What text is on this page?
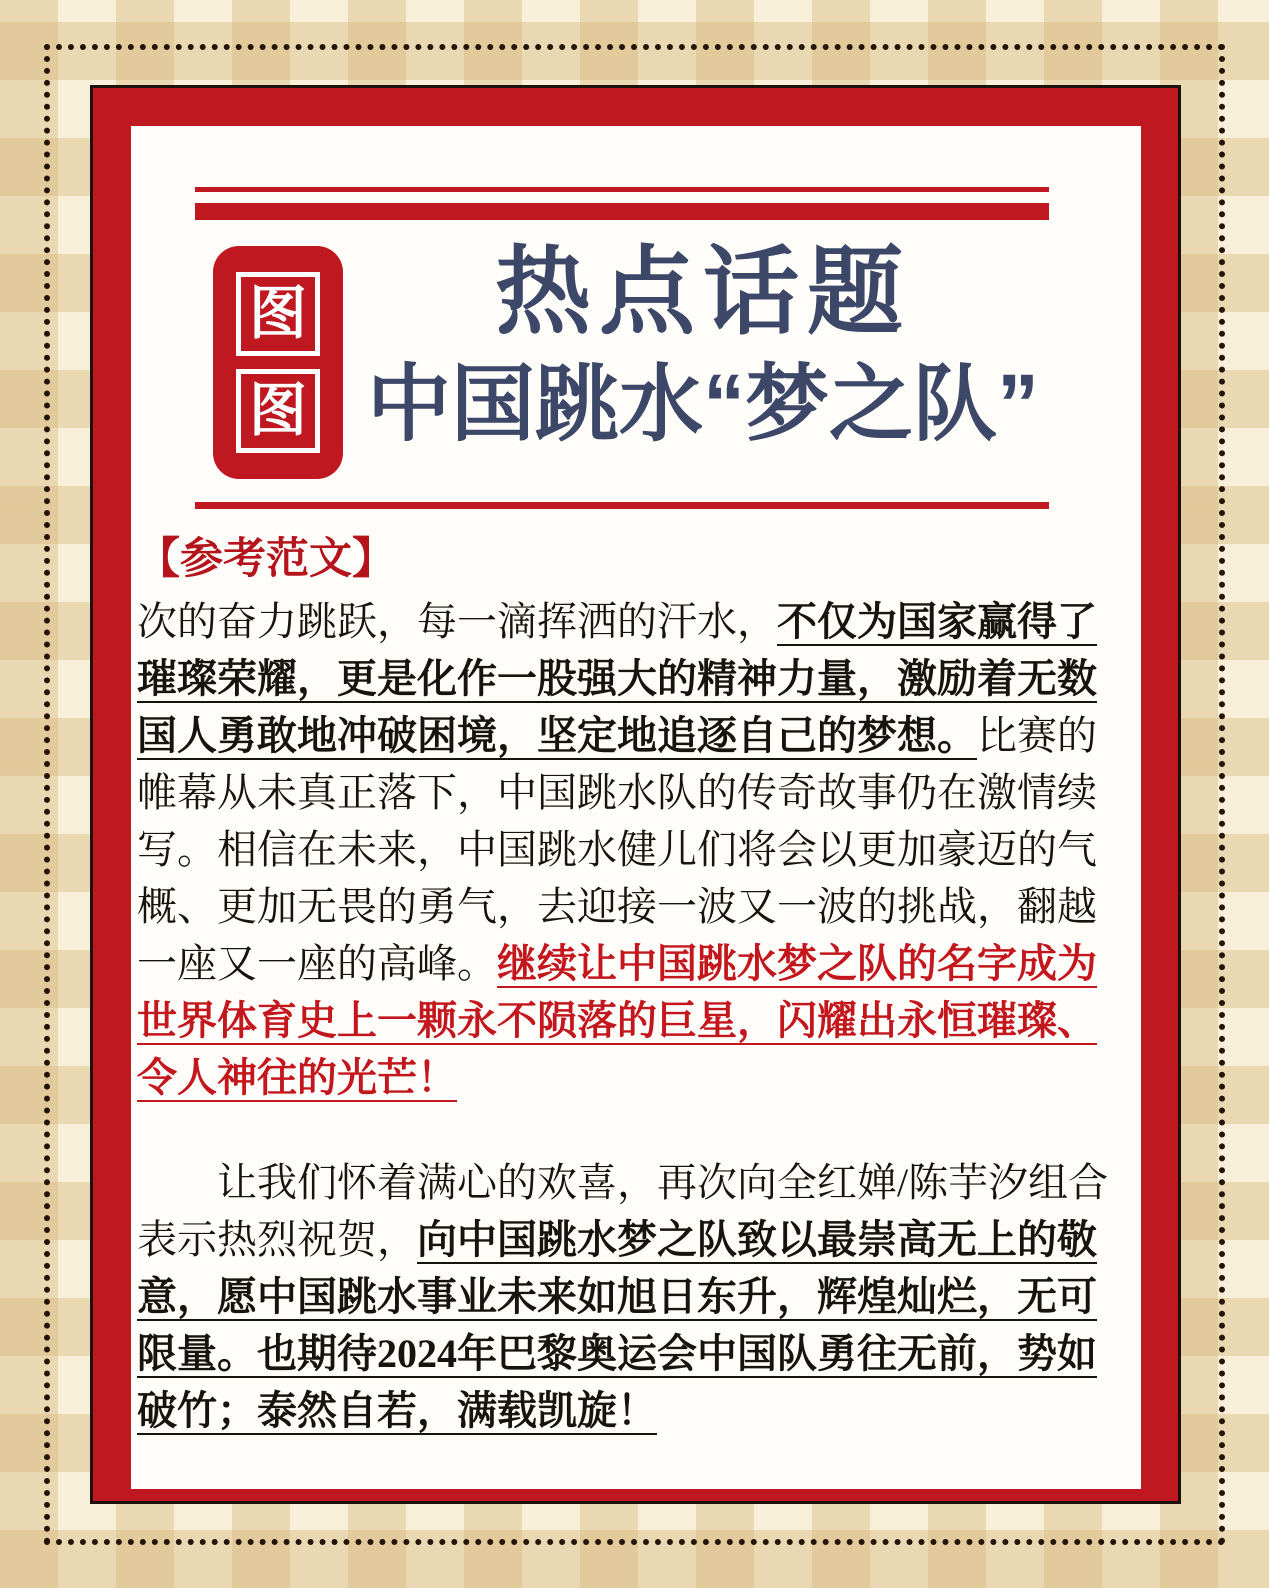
图
图
热点话题
中国跳水“梦之队”
【参考范文】

次的奋力跳跃，每一滴挥洒的汗水，不仅为国家赢得了璀璨荣耀，更是化作一股强大的精神力量，激励着无数国人勇敢地冲破困境，坚定地追逐自己的梦想。比赛的帷幕从未真正落下，中国跳水队的传奇故事仍在激情续写。相信在未来，中国跳水健儿们将会以更加豪迈的气概、更加无畏的勇气，去迎接一波又一波的挑战，翻越一座又一座的高峰。继续让中国跳水梦之队的名字成为世界体育史上一颗永不陨落的巨星，闪耀出永恒璀璨、令人神往的光芒！

让我们怀着满心的欢喜，再次向全红婵/陈芋汐组合表示热烈祝贺，向中国跳水梦之队致以最崇高无上的敬意，愿中国跳水事业未来如旭日东升，辉煌灿烂，无可限量。也期待2024年巴黎奥运会中国队勇往无前，势如破竹；泰然自若，满载凯旋！
